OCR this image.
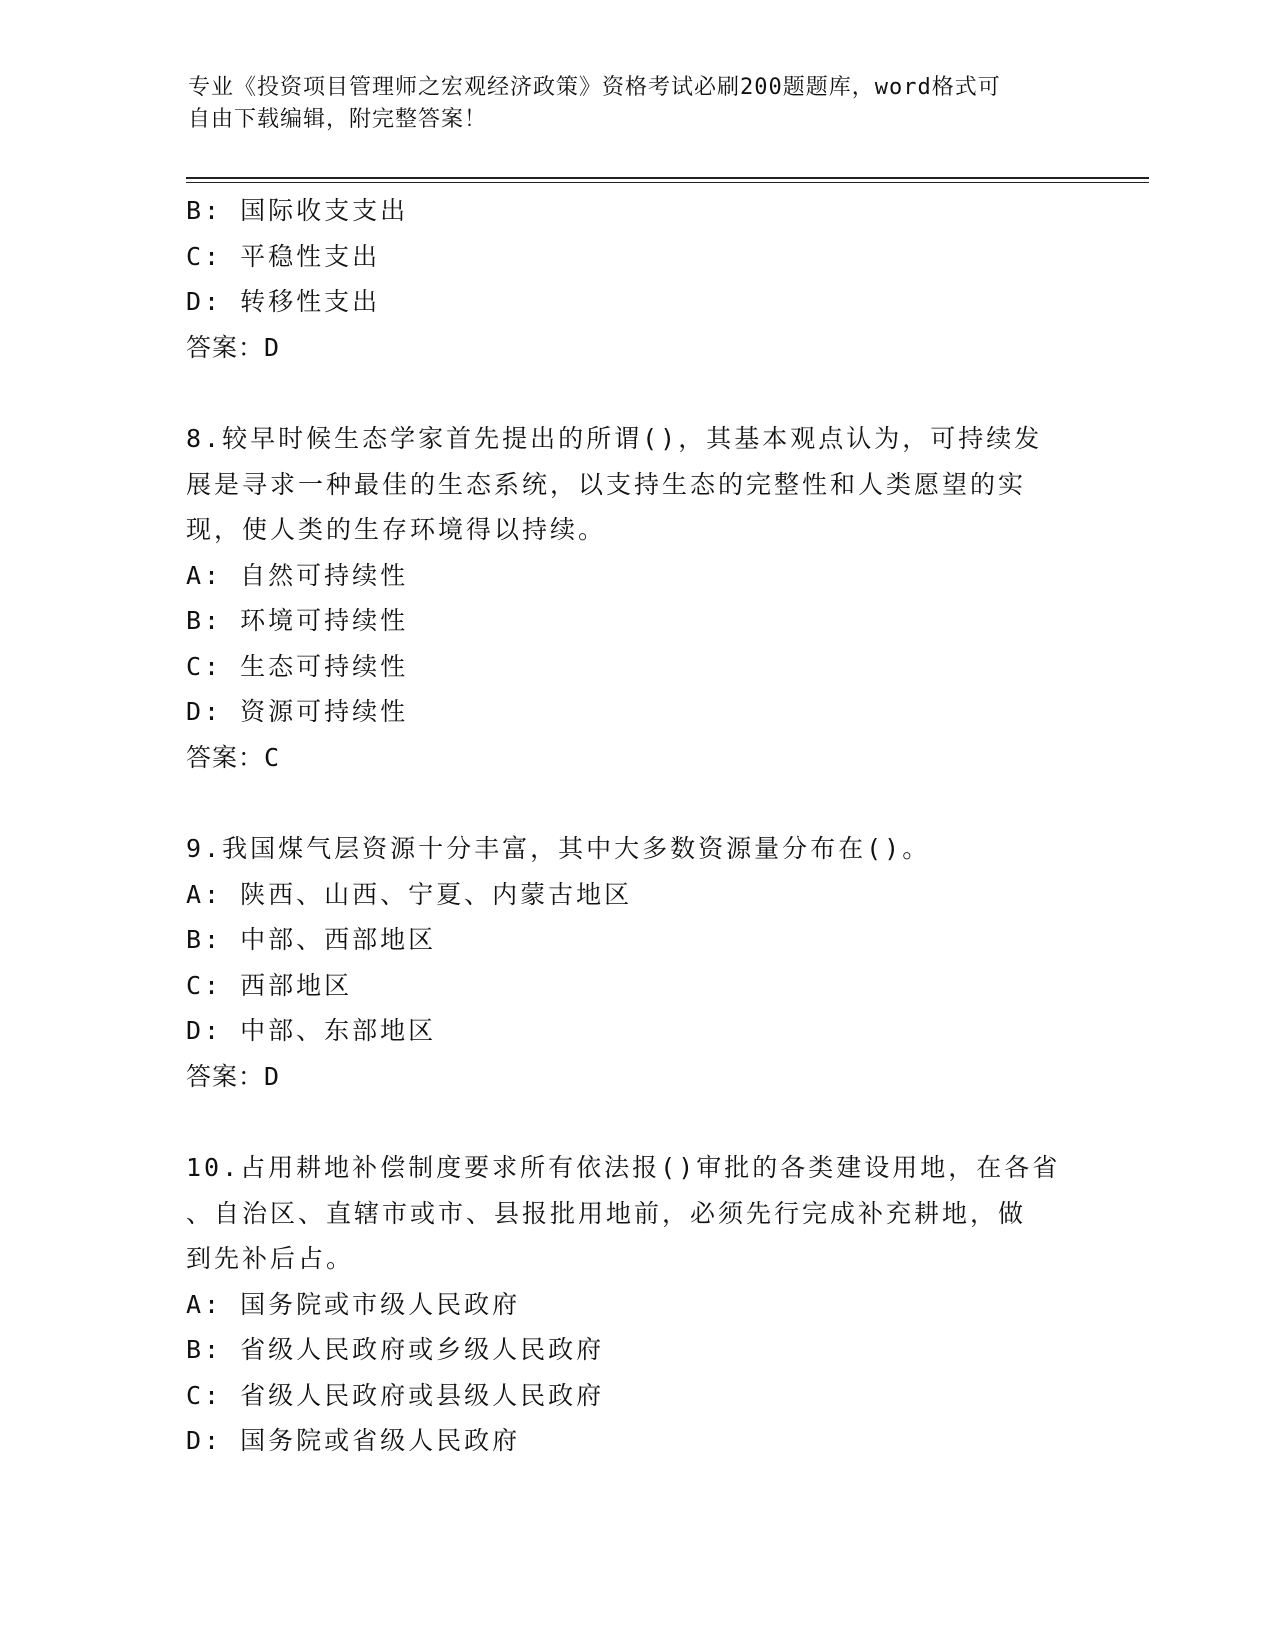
专业《投资项目管理师之宏观经济政策》资格考试必刷200题题库，word格式可
自由下载编辑，附完整答案！
B: 国际收支支出
C: 平稳性支出
D: 转移性支出
答案：D
8.较早时候生态学家首先提出的所谓()，其基本观点认为，可持续发
展是寻求一种最佳的生态系统，以支持生态的完整性和人类愿望的实
现，使人类的生存环境得以持续。
A: 自然可持续性
B: 环境可持续性
C: 生态可持续性
D: 资源可持续性
答案：C
9.我国煤气层资源十分丰富，其中大多数资源量分布在()。
A: 陕西、山西、宁夏、内蒙古地区
B: 中部、西部地区
C: 西部地区
D: 中部、东部地区
答案：D
10.占用耕地补偿制度要求所有依法报()审批的各类建设用地，在各省
、自治区、直辖市或市、县报批用地前，必须先行完成补充耕地，做
到先补后占。
A: 国务院或市级人民政府
B: 省级人民政府或乡级人民政府
C: 省级人民政府或县级人民政府
D: 国务院或省级人民政府
